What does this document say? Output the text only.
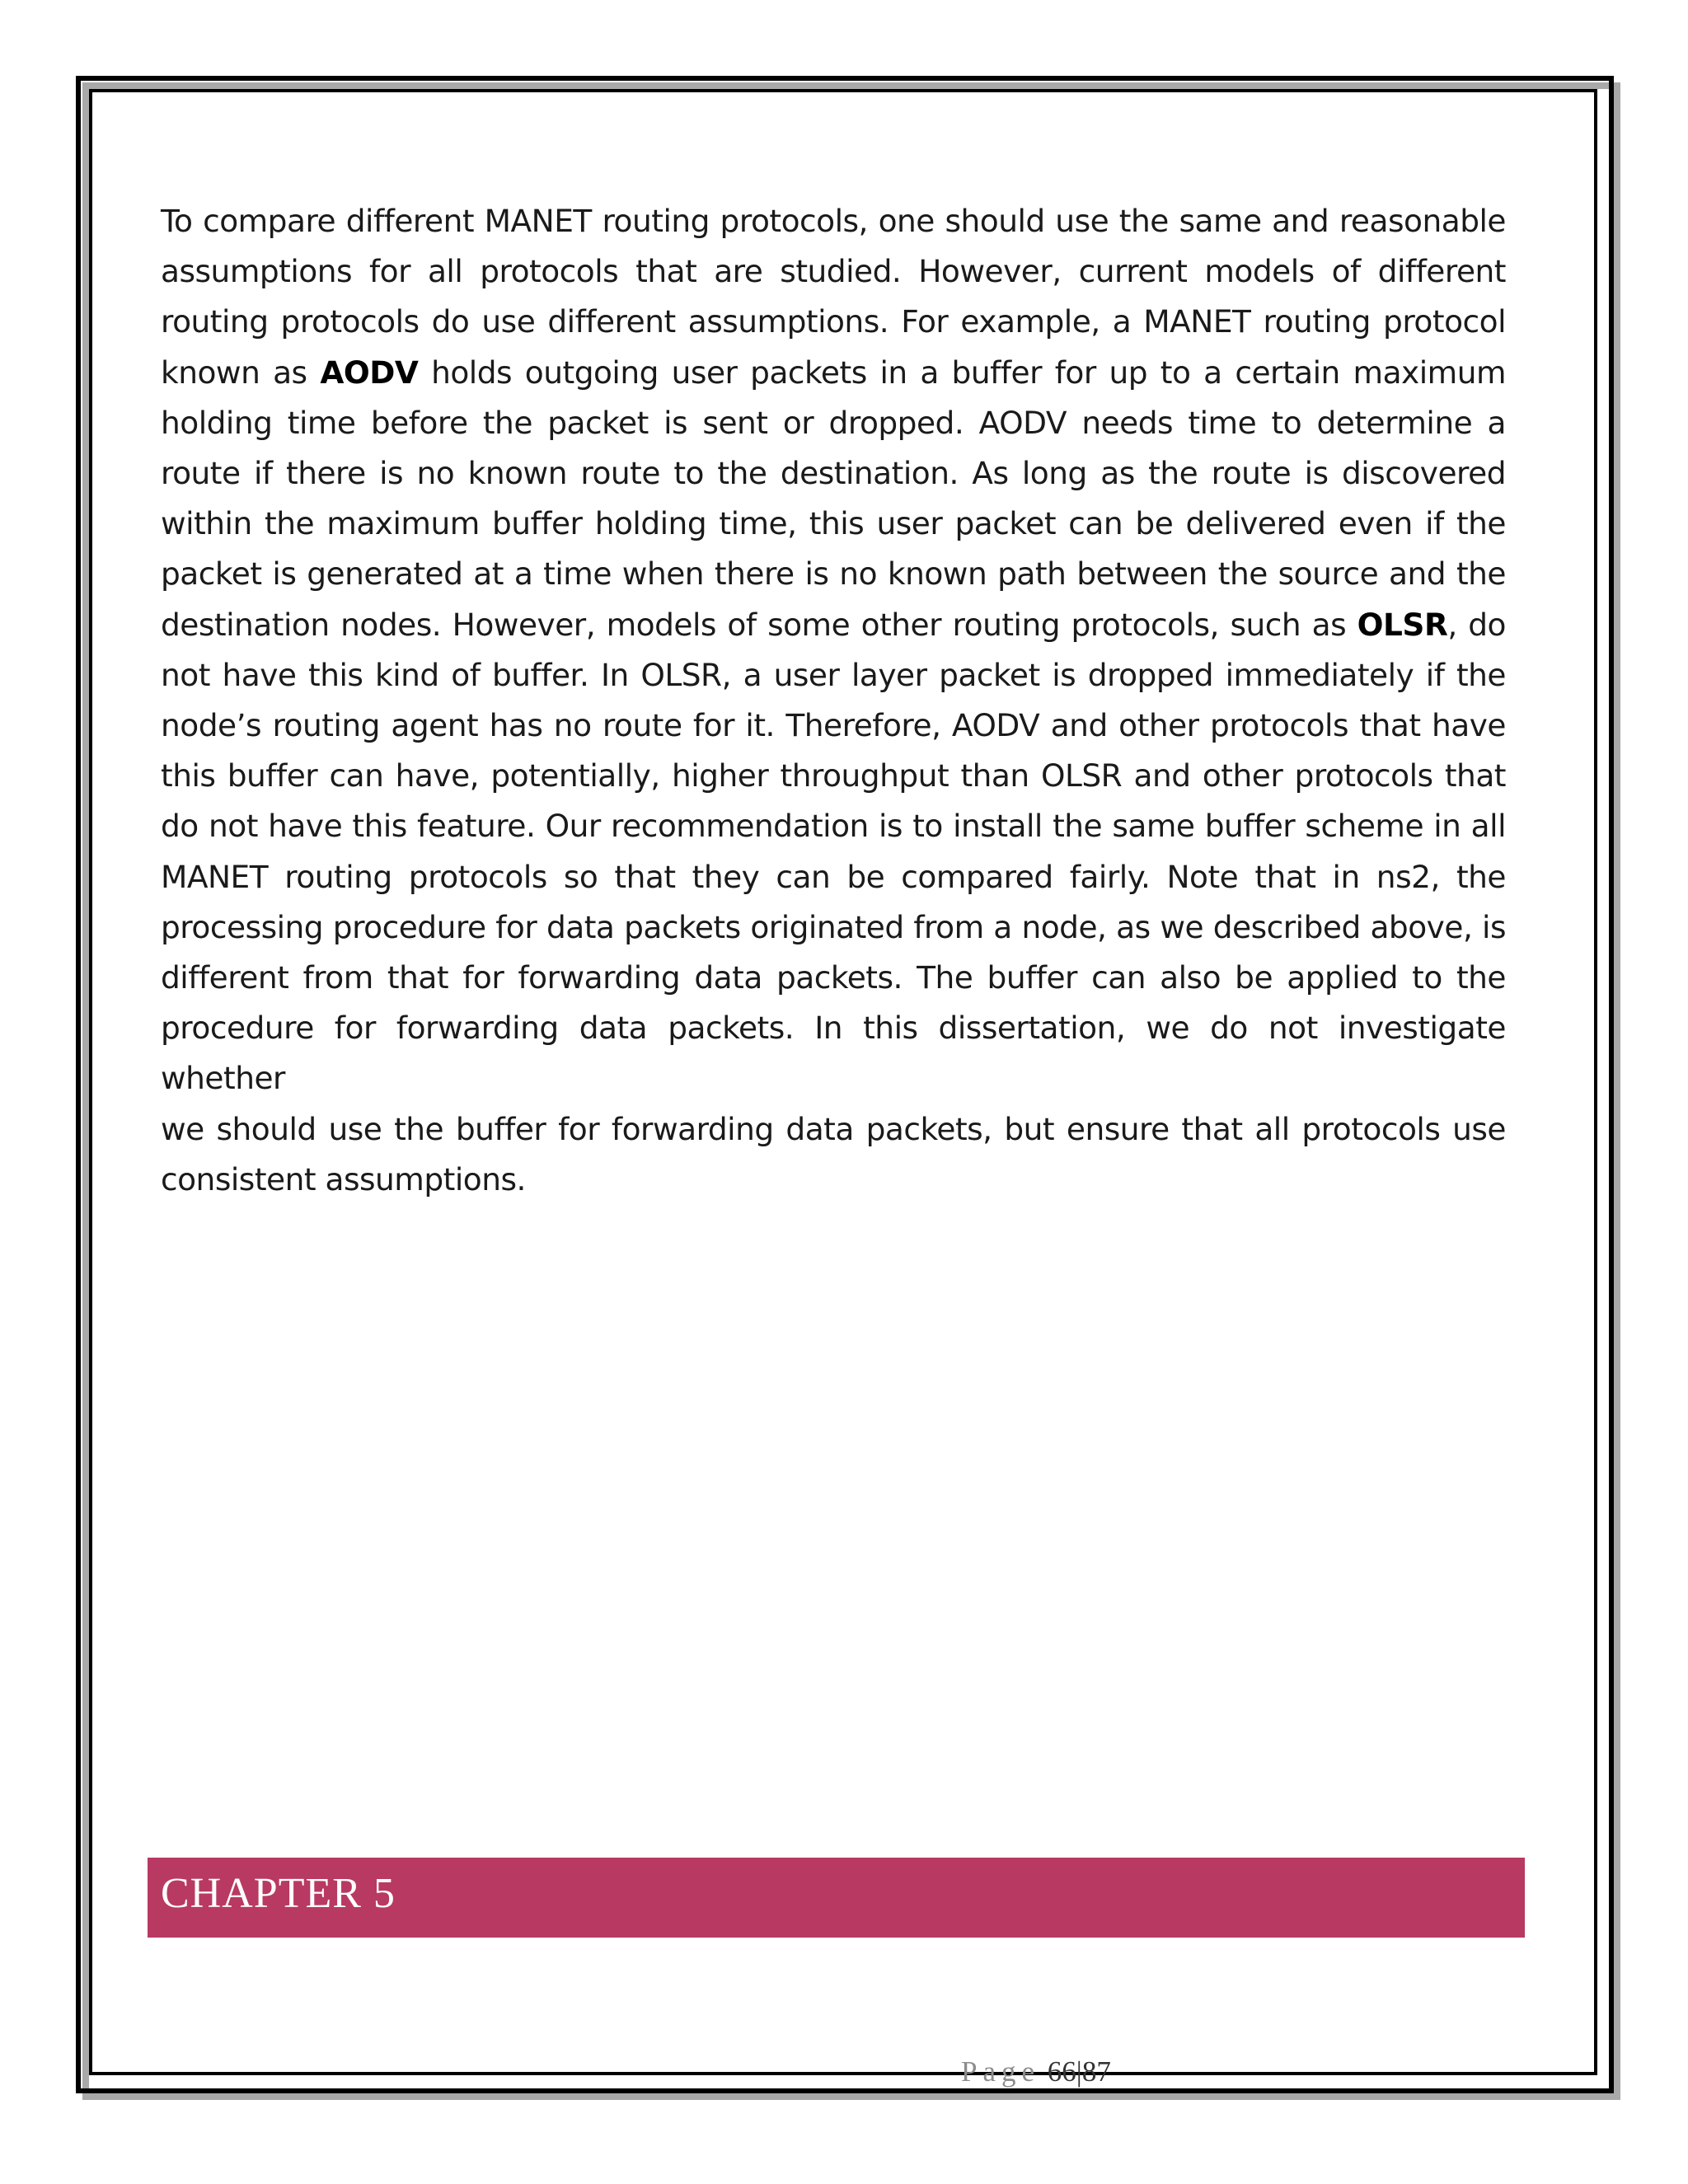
To compare different MANET routing protocols, one should use the same and reasonable assumptions for all protocols that are studied. However, current models of different routing protocols do use different assumptions. For example, a MANET routing protocol known as AODV holds outgoing user packets in a buffer for up to a certain maximum holding time before the packet is sent or dropped. AODV needs time to determine a route if there is no known route to the destination. As long as the route is discovered within the maximum buffer holding time, this user packet can be delivered even if the packet is generated at a time when there is no known path between the source and the destination nodes. However, models of some other routing protocols, such as OLSR, do not have this kind of buffer. In OLSR, a user layer packet is dropped immediately if the node’s routing agent has no route for it. Therefore, AODV and other protocols that have this buffer can have, potentially, higher throughput than OLSR and other protocols that do not have this feature. Our recommendation is to install the same buffer scheme in all MANET routing protocols so that they can be compared fairly. Note that in ns2, the processing procedure for data packets originated from a node, as we described above, is different from that for forwarding data packets. The buffer can also be applied to the procedure for forwarding data packets. In this dissertation, we do not investigate whether

we should use the buffer for forwarding data packets, but ensure that all protocols use consistent assumptions.

CHAPTER 5
Page 66|87
